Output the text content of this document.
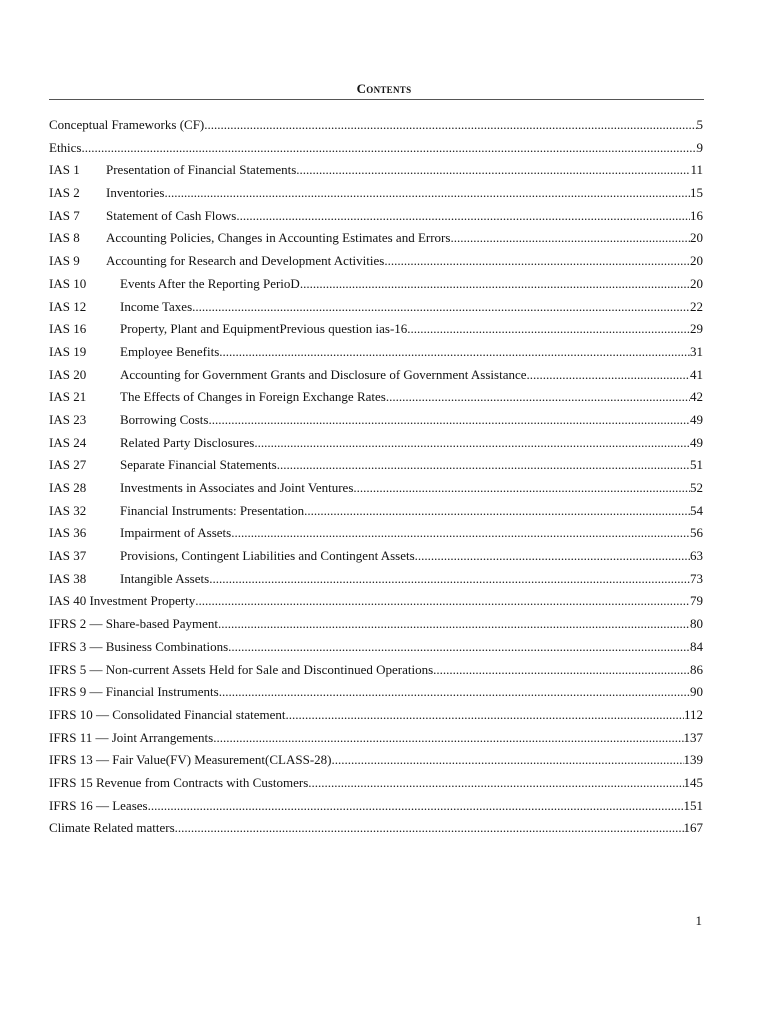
Contents
Conceptual Frameworks (CF) .....	5
Ethics .....	9
IAS 1	Presentation of Financial Statements .....	11
IAS 2	Inventories .....	15
IAS 7	Statement of Cash Flows .....	16
IAS 8	Accounting Policies, Changes in Accounting Estimates and Errors .....	20
IAS 9	Accounting for Research and Development Activities .....	20
IAS 10	Events After the Reporting PerioD .....	20
IAS 12	Income Taxes .....	22
IAS 16	Property, Plant and EquipmentPrevious question ias-16 .....	29
IAS 19	Employee Benefits .....	31
IAS 20	Accounting for Government Grants and Disclosure of Government Assistance .....	41
IAS 21	The Effects of Changes in Foreign Exchange Rates .....	42
IAS 23	Borrowing Costs .....	49
IAS 24	Related Party Disclosures .....	49
IAS 27	Separate Financial Statements .....	51
IAS 28	Investments in Associates and Joint Ventures .....	52
IAS 32	Financial Instruments: Presentation .....	54
IAS 36	Impairment of Assets .....	56
IAS 37	Provisions, Contingent Liabilities and Contingent Assets .....	63
IAS 38	Intangible Assets .....	73
IAS 40 Investment Property .....	79
IFRS 2 — Share-based Payment .....	80
IFRS 3 — Business Combinations .....	84
IFRS 5 — Non-current Assets Held for Sale and Discontinued Operations .....	86
IFRS 9 — Financial Instruments .....	90
IFRS 10 — Consolidated Financial statement .....	112
IFRS 11 — Joint Arrangements .....	137
IFRS 13 — Fair Value(FV) Measurement(CLASS-28) .....	139
IFRS 15 Revenue from Contracts with Customers .....	145
IFRS 16 — Leases .....	151
Climate Related matters .....	167
1
